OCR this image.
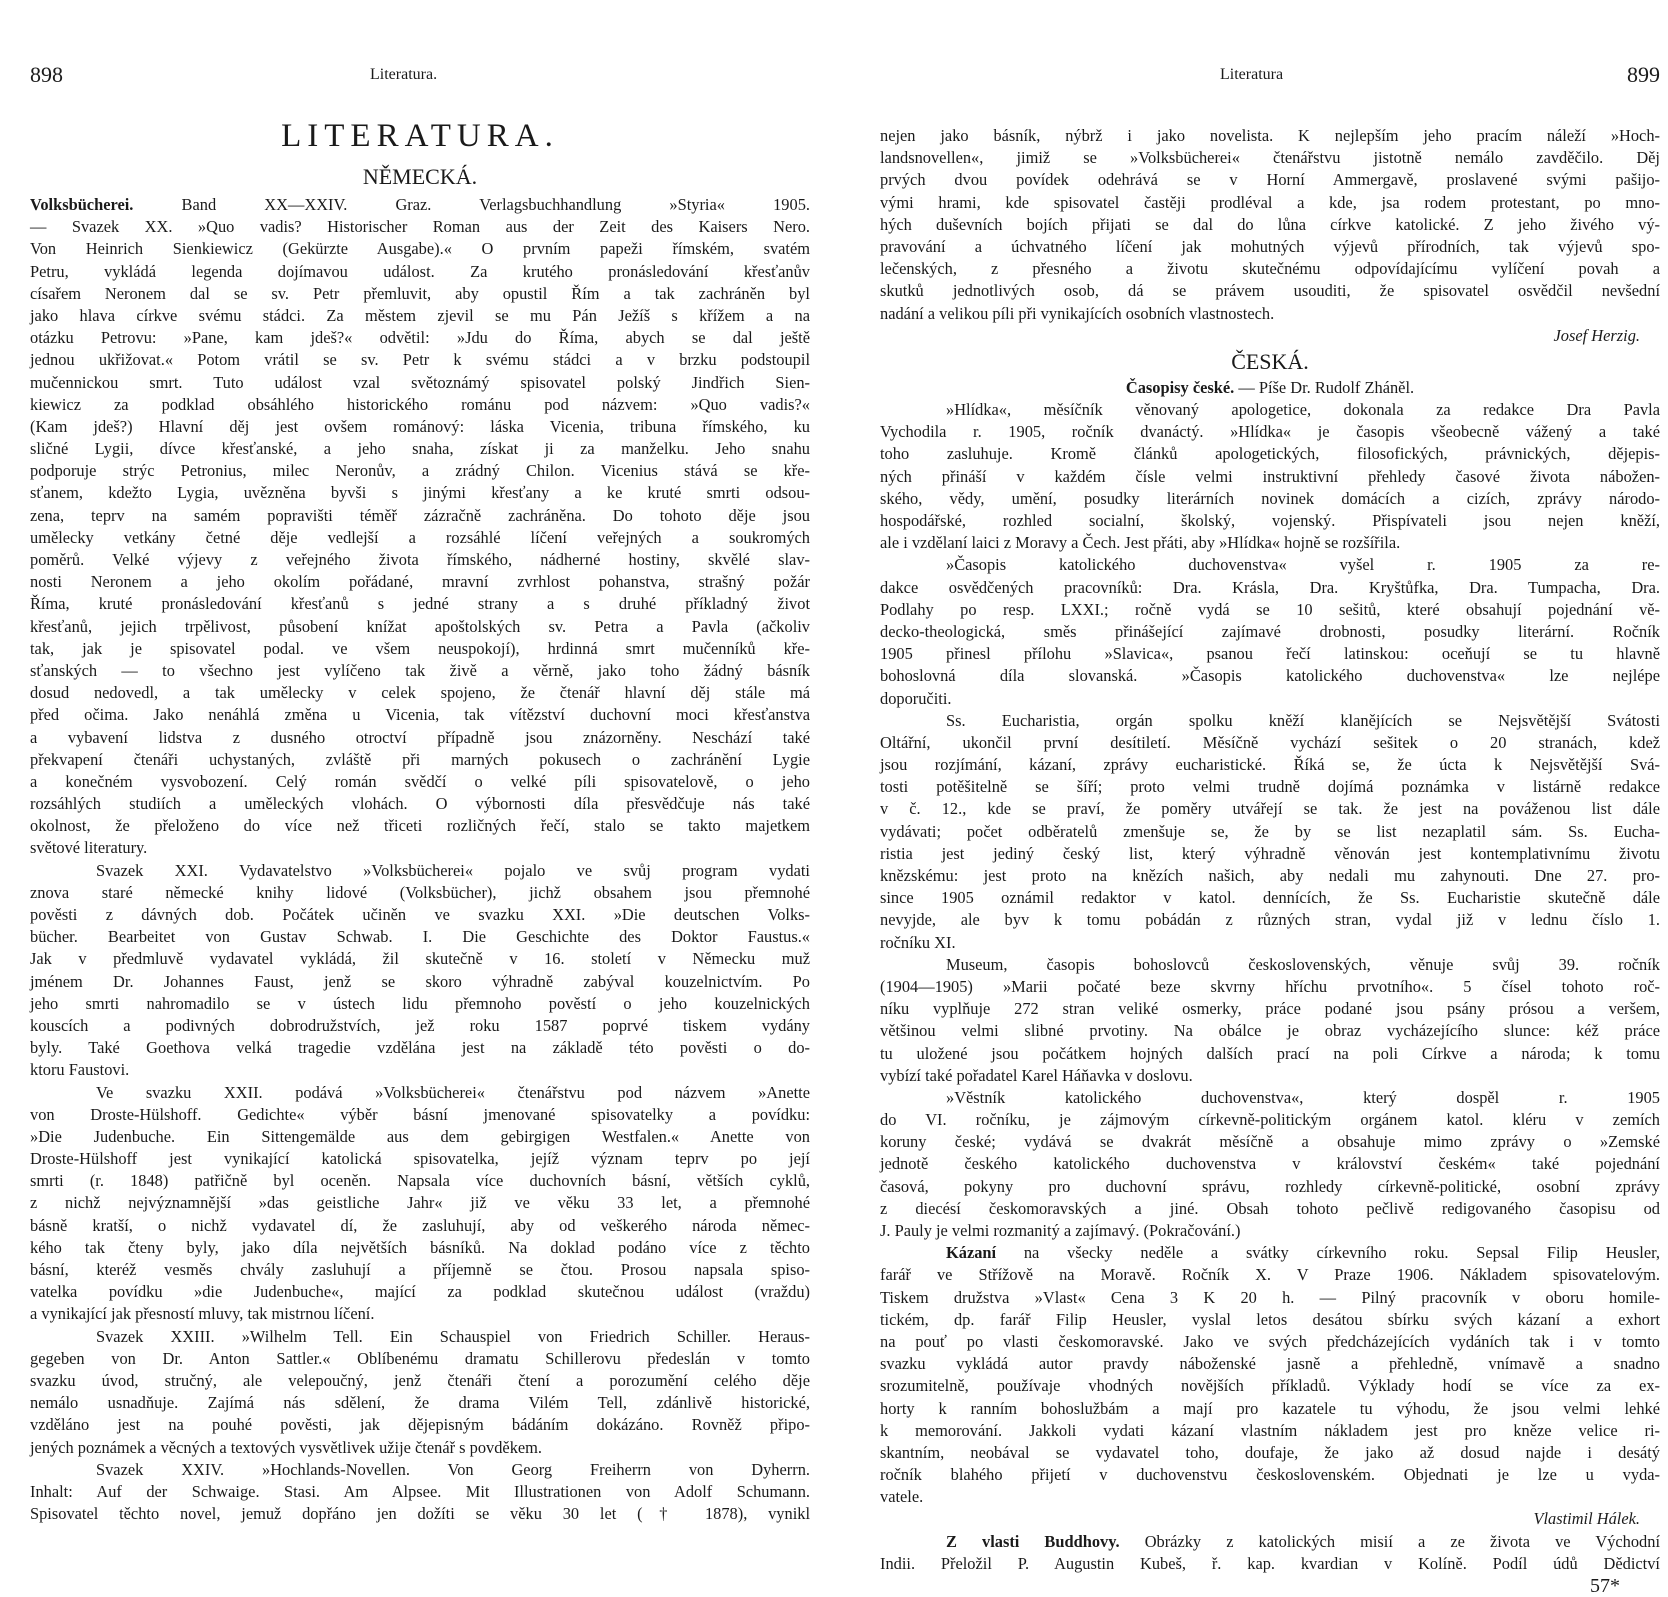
898	Literatura.
LITERATURA.
NĚMECKÁ.
Volksbücherei. Band XX—XXIV. Graz. Verlagsbuchhandlung »Styria« 1905.
— Svazek XX. »Quo vadis? Historischer Roman aus der Zeit des Kaisers Nero.
Von Heinrich Sienkiewicz (Gekürzte Ausgabe).« O prvním papeži římském, svatém
Petru, vykládá legenda dojímavou událost. Za krutého pronásledování křesťanův
císařem Neronem dal se sv. Petr přemluvit, aby opustil Řím a tak zachráněn byl
jako hlava církve svému stádci. Za městem zjevil se mu Pán Ježíš s křížem a na
otázku Petrovu: »Pane, kam jdeš?« odvětil: »Jdu do Říma, abych se dal ještě
jednou ukřižovat.« Potom vrátil se sv. Petr k svému stádci a v brzku podstoupil
mučennickou smrt. Tuto událost vzal světoznámý spisovatel polský Jindřich Sien-
kiewicz za podklad obsáhlého historického románu pod názvem: »Quo vadis?«
(Kam jdeš?) Hlavní děj jest ovšem románový: láska Vicenia, tribuna římského, ku
sličné Lygii, dívce křesťanské, a jeho snaha, získat ji za manželku. Jeho snahu
podporuje strýc Petronius, milec Neronův, a zrádný Chilon. Vicenius stává se kře-
sťanem, kdežto Lygia, uvězněna byvši s jinými křesťany a ke kruté smrti odsou-
zena, teprv na samém popravišti téměř zázračně zachráněna. Do tohoto děje jsou
umělecky vetkány četné děje vedlejší a rozsáhlé líčení veřejných a soukromých
poměrů. Velké výjevy z veřejného života římského, nádherné hostiny, skvělé slav-
nosti Neronem a jeho okolím pořádané, mravní zvrhlost pohanstva, strašný požár
Říma, kruté pronásledování křesťanů s jedné strany a s druhé příkladný život
křesťanů, jejich trpělivost, působení knížat apoštolských sv. Petra a Pavla (ačkoliv
tak, jak je spisovatel podal. ve všem neuspokojí), hrdinná smrt mučenníků kře-
sťanských — to všechno jest vylíčeno tak živě a věrně, jako toho žádný básník
dosud nedovedl, a tak umělecky v celek spojeno, že čtenář hlavní děj stále má
před očima. Jako nenáhlá změna u Vicenia, tak vítězství duchovní moci křesťanstva
a vybavení lidstva z dusného otroctví případně jsou znázorněny. Neschází také
překvapení čtenáři uchystaných, zvláště při marných pokusech o zachránění Lygie
a konečném vysvobození. Celý román svědčí o velké píli spisovatelově, o jeho
rozsáhlých studiích a uměleckých vlohách. O výbornosti díla přesvědčuje nás také
okolnost, že přeloženo do více než třiceti rozličných řečí, stalo se takto majetkem
světové literatury.
Svazek XXI. Vydavatelstvo »Volksbücherei« pojalo ve svůj program vydati
znova staré německé knihy lidové (Volksbücher), jichž obsahem jsou přemnohé
pověsti z dávných dob. Počátek učiněn ve svazku XXI. »Die deutschen Volks-
bücher. Bearbeitet von Gustav Schwab. I. Die Geschichte des Doktor Faustus.«
Jak v předmluvě vydavatel vykládá, žil skutečně v 16. století v Německu muž
jménem Dr. Johannes Faust, jenž se skoro výhradně zabýval kouzelnictvím. Po
jeho smrti nahromadilo se v ústech lidu přemnoho pověstí o jeho kouzelnických
kouscích a podivných dobrodružstvích, jež roku 1587 poprvé tiskem vydány
byly. Také Goethova velká tragedie vzdělána jest na základě této pověsti o do-
ktoru Faustovi.
Ve svazku XXII. podává »Volksbücherei« čtenářstvu pod názvem »Anette
von Droste-Hülshoff. Gedichte« výběr básní jmenované spisovatelky a povídku:
»Die Judenbuche. Ein Sittengemälde aus dem gebirgigen Westfalen.« Anette von
Droste-Hülshoff jest vynikající katolická spisovatelka, jejíž význam teprv po její
smrti (r. 1848) patřičně byl oceněn. Napsala více duchovních básní, větších cyklů,
z nichž nejvýznamnější »das geistliche Jahr« již ve věku 33 let, a přemnohé
básně kratší, o nichž vydavatel dí, že zasluhují, aby od veškerého národa němec-
kého tak čteny byly, jako díla největších básníků. Na doklad podáno více z těchto
básní, kteréž vesměs chvály zasluhují a příjemně se čtou. Prosou napsala spiso-
vatelka povídku »die Judenbuche«, mající za podklad skutečnou událost (vraždu)
a vynikající jak přesností mluvy, tak mistrnou líčení.
Svazek XXIII. »Wilhelm Tell. Ein Schauspiel von Friedrich Schiller. Heraus-
gegeben von Dr. Anton Sattler.« Oblíbenému dramatu Schillerovu předeslán v tomto
svazku úvod, stručný, ale velepoučný, jenž čtenáři čtení a porozumění celého děje
nemálo usnadňuje. Zajímá nás sdělení, že drama Vilém Tell, zdánlivě historické,
vzděláno jest na pouhé pověsti, jak dějepisným bádáním dokázáno. Rovněž připo-
jených poznámek a věcných a textových vysvětlivek užije čtenář s povděkem.
Svazek XXIV. »Hochlands-Novellen. Von Georg Freiherrn von Dyherrn.
Inhalt: Auf der Schwaige. Stasi. Am Alpsee. Mit Illustrationen von Adolf Schumann.
Spisovatel těchto novel, jemuž dopřáno jen dožíti se věku 30 let († 1878), vynikl
Literatura	899
nejen jako básník, nýbrž i jako novelista. K nejlepším jeho pracím náleží »Hoch-
landsnovellen«, jimiž se »Volksbücherei« čtenářstvu jistotně nemálo zavděčilo. Děj
prvých dvou povídek odehrává se v Horní Ammergavě, proslavené svými pašijo-
vými hrami, kde spisovatel častěji prodléval a kde, jsa rodem protestant, po mno-
hých duševních bojích přijati se dal do lůna církve katolické. Z jeho živého vý-
pravování a úchvatného líčení jak mohutných výjevů přírodních, tak výjevů spo-
lečenských, z přesného a životu skutečnému odpovídajícímu vylíčení povah a
skutků jednotlivých osob, dá se právem usouditi, že spisovatel osvědčil nevšední
nadání a velikou píli při vynikajících osobních vlastnostech.
Josef Herzig.
ČESKÁ.
Časopisy české. — Píše Dr. Rudolf Zháněl.
»Hlídka«, měsíčník věnovaný apologetice, dokonala za redakce Dra Pavla
Vychodila r. 1905, ročník dvanáctý. »Hlídka« je časopis všeobecně vážený a také
toho zasluhuje. Kromě článků apologetických, filosofických, právnických, dějepis-
ných přináší v každém čísle velmi instruktivní přehledy časové života nábožen-
ského, vědy, umění, posudky literárních novinek domácích a cizích, zprávy národo-
hospodářské, rozhled socialní, školský, vojenský. Přispívateli jsou nejen kněží,
ale i vzdělaní laici z Moravy a Čech. Jest přáti, aby »Hlídka« hojně se rozšířila.
»Časopis katolického duchovenstva« vyšel r. 1905 za re-
dakce osvědčených pracovníků: Dra. Krásla, Dra. Kryštůfka, Dra. Tumpacha, Dra.
Podlahy po resp. LXXI.; ročně vydá se 10 sešitů, které obsahují pojednání vě-
decko-theologická, směs přinášející zajímavé drobnosti, posudky literární. Ročník
1905 přinesl přílohu »Slavica«, psanou řečí latinskou: oceňují se tu hlavně
bohoslovná díla slovanská. »Časopis katolického duchovenstva« lze nejlépe
doporučiti.
Ss. Eucharistia, orgán spolku kněží klanějících se Nejsvětější Svátosti
Oltářní, ukončil první desítiletí. Měsíčně vychází sešitek o 20 stranách, kdež
jsou rozjímání, kázaní, zprávy eucharistické. Říká se, že úcta k Nejsvětější Svá-
tosti potěšitelně se šíří; proto velmi trudně dojímá poznámka v listárně redakce
v č. 12., kde se praví, že poměry utvářejí se tak. že jest na pováženou list dále
vydávati; počet odběratelů zmenšuje se, že by se list nezaplatil sám. Ss. Eucha-
ristia jest jediný český list, který výhradně věnován jest kontemplativnímu životu
knězskému: jest proto na knězích našich, aby nedali mu zahynouti. Dne 27. pro-
since 1905 oznámil redaktor v katol. dennících, že Ss. Eucharistie skutečně dále
nevyjde, ale byv k tomu pobádán z různých stran, vydal již v lednu číslo 1.
ročníku XI.
Museum, časopis bohoslovců československých, věnuje svůj 39. ročník
(1904—1905) »Marii počaté beze skvrny hříchu prvotního«. 5 čísel tohoto roč-
níku vyplňuje 272 stran veliké osmerky, práce podané jsou psány prósou a veršem,
většinou velmi slibné prvotiny. Na obálce je obraz vycházejícího slunce: kéž práce
tu uložené jsou počátkem hojných dalších prací na poli Církve a národa; k tomu
vybízí také pořadatel Karel Háňavka v doslovu.
»Věstník katolického duchovenstva«, který dospěl r. 1905
do VI. ročníku, je zájmovým církevně-politickým orgánem katol. kléru v zemích
koruny české; vydává se dvakrát měsíčně a obsahuje mimo zprávy o »Zemské
jednotě českého katolického duchovenstva v království českém« také pojednání
časová, pokyny pro duchovní správu, rozhledy církevně-politické, osobní zprávy
z diecésí českomoravských a jiné. Obsah tohoto pečlivě redigovaného časopisu od
J. Pauly je velmi rozmanitý a zajímavý. (Pokračování.)
Kázaní na všecky neděle a svátky církevního roku. Sepsal Filip Heusler,
farář ve Střížově na Moravě. Ročník X. V Praze 1906. Nákladem spisovatelovým.
Tiskem družstva »Vlast« Cena 3 K 20 h. — Pilný pracovník v oboru homile-
tickém, dp. farář Filip Heusler, vyslal letos desátou sbírku svých kázaní a exhort
na pouť po vlasti českomoravské. Jako ve svých předcházejících vydáních tak i v tomto
svazku vykládá autor pravdy náboženské jasně a přehledně, vnímavě a snadno
srozumitelně, používaje vhodných novějších příkladů. Výklady hodí se více za ex-
horty k ranním bohoslužbám a mají pro kazatele tu výhodu, že jsou velmi lehké
k memorování. Jakkoli vydati kázaní vlastním nákladem jest pro kněze velice ri-
skantním, neobával se vydavatel toho, doufaje, že jako až dosud najde i desátý
ročník blahého přijetí v duchovenstvu československém. Objednati je lze u vyda-
vatele.
Vlastimil Hálek.
Z vlasti Buddhovy. Obrázky z katolických misií a ze života ve Východní
Indii. Přeložil P. Augustin Kubeš, ř. kap. kvardian v Kolíně. Podíl údů Dědictví
57*
